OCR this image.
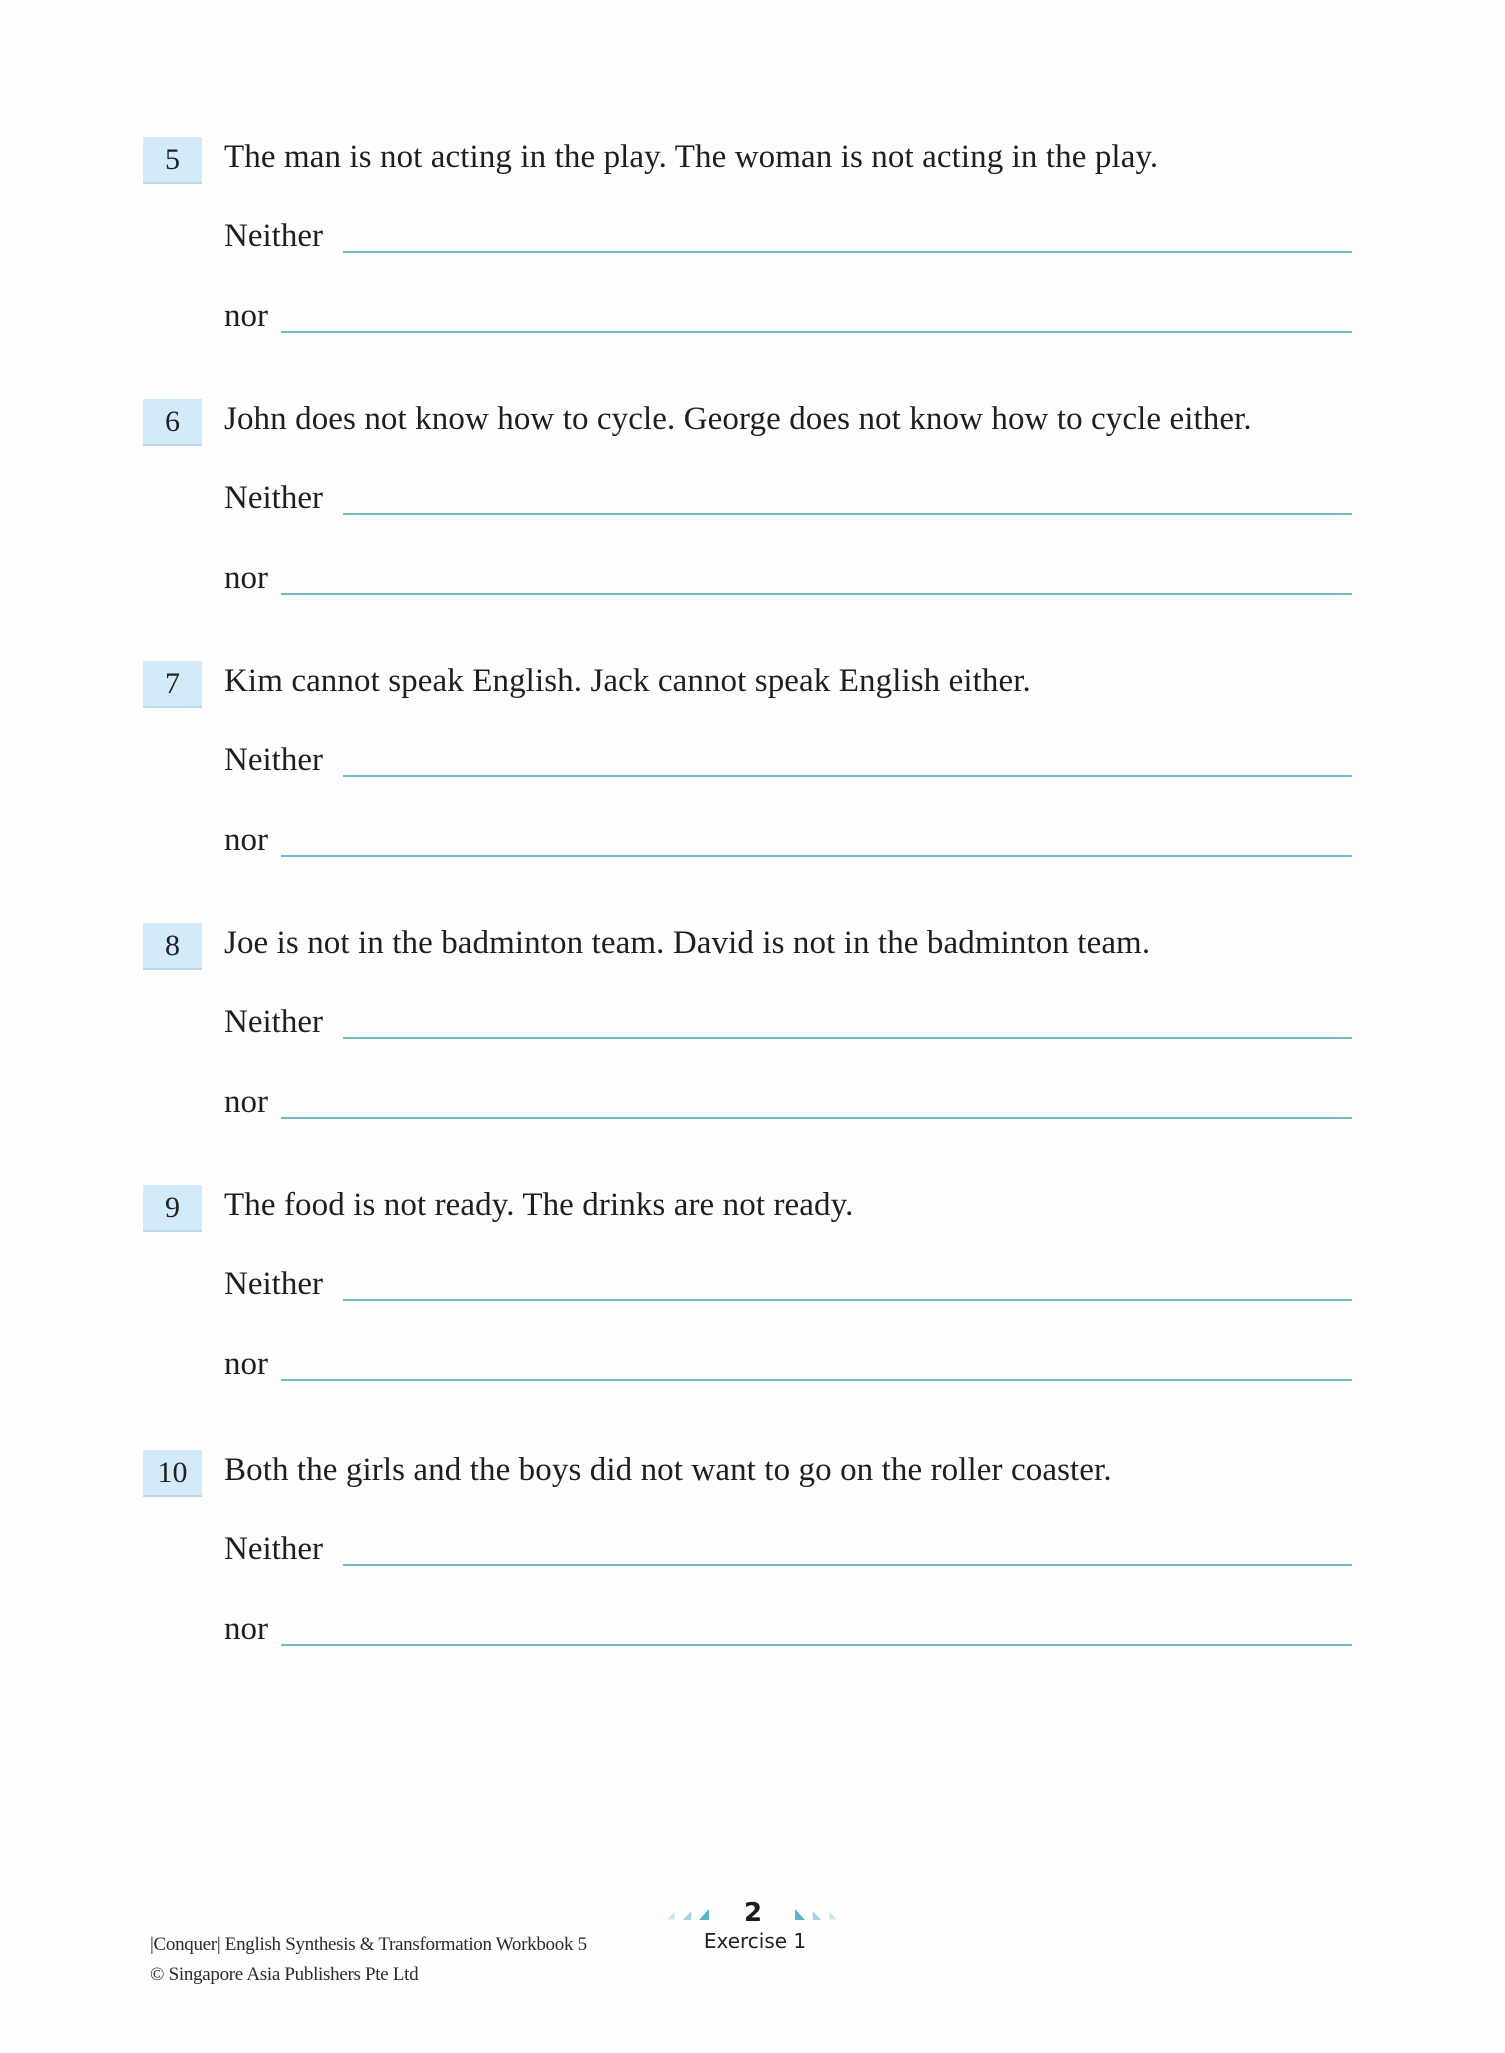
5	The man is not acting in the play. The woman is not acting in the play.
Neither
nor
6	John does not know how to cycle. George does not know how to cycle either.
Neither
nor
7	Kim cannot speak English. Jack cannot speak English either.
Neither
nor
8	Joe is not in the badminton team. David is not in the badminton team.
Neither
nor
9	The food is not ready. The drinks are not ready.
Neither
nor
10	Both the girls and the boys did not want to go on the roller coaster.
Neither
nor
|Conquer| English Synthesis & Transformation Workbook 5
© Singapore Asia Publishers Pte Ltd
2
Exercise 1
